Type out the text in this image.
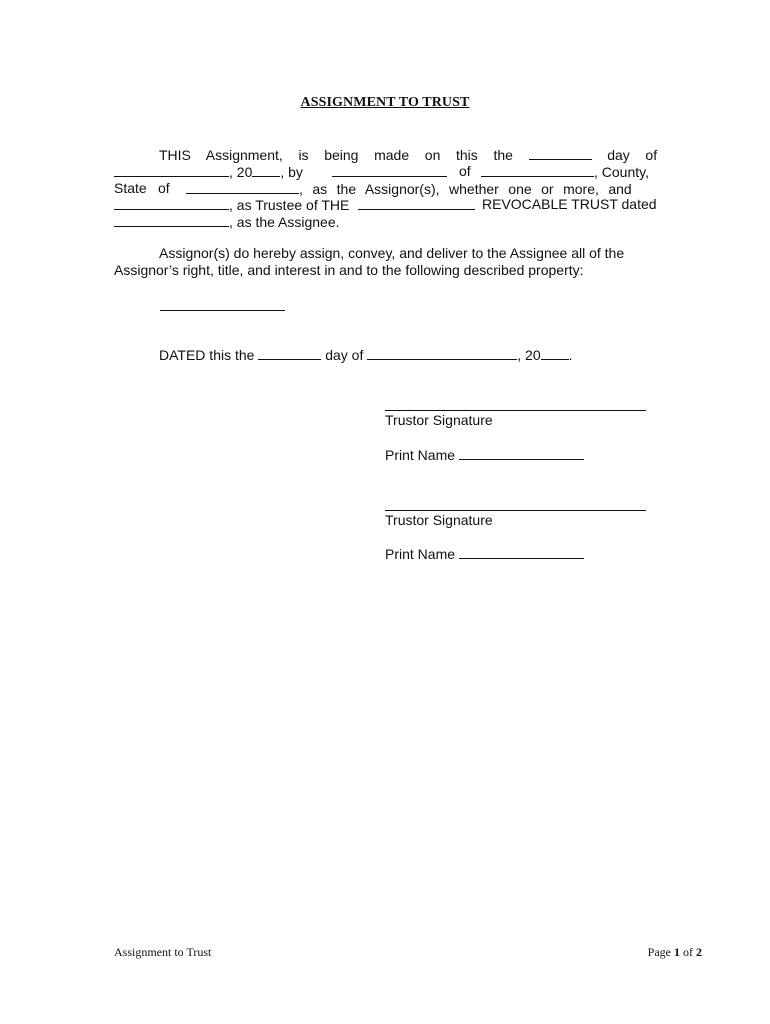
ASSIGNMENT TO TRUST
THIS Assignment, is being made on this the	day of
, 20 , by	of	, County,
State of	, as the Assignor(s), whether one or more, and
, as Trustee of THE	REVOCABLE TRUST dated
, as the Assignee.
Assignor(s) do hereby assign, convey, and deliver to the Assignee all of the
Assignor’s right, title, and interest in and to the following described property:
DATED this the	day of	, 20 .
Trustor Signature
Print Name
Trustor Signature
Print Name
Assignment to Trust	Page 1 of 2
